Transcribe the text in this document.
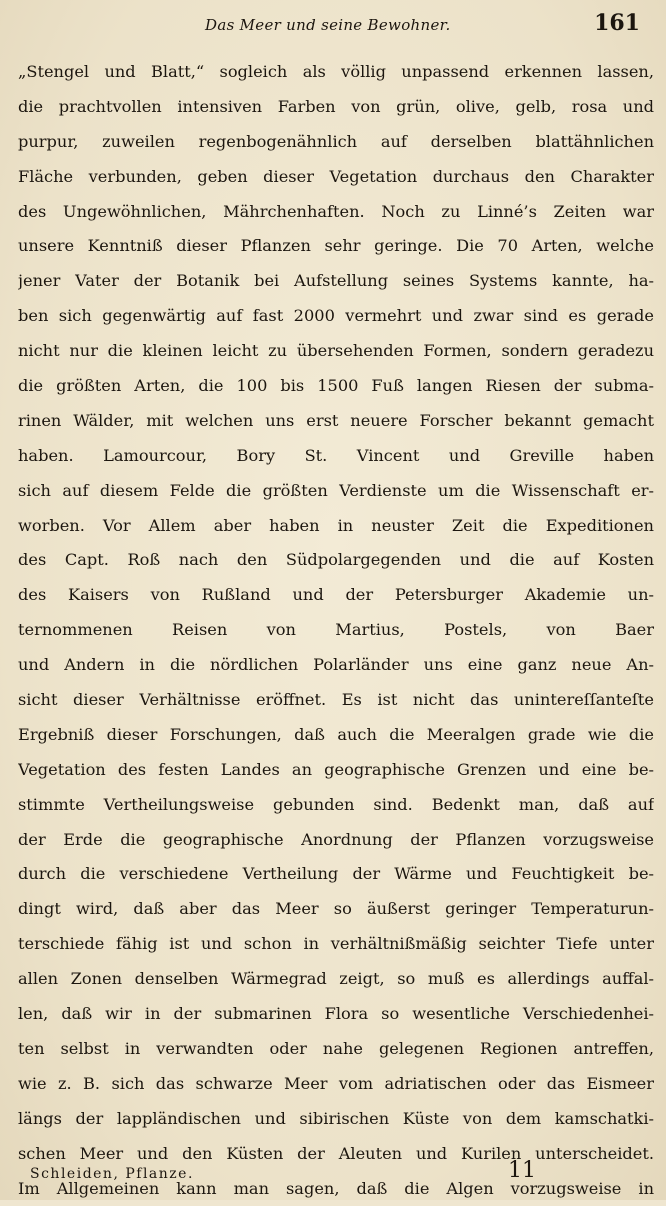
Das Meer und seine Bewohner.	161
„Stengel und Blatt,“ sogleich als völlig unpassend erkennen lassen,
die prachtvollen intensiven Farben von grün, olive, gelb, rosa und
purpur, zuweilen regenbogenähnlich auf derselben blattähnlichen
Fläche verbunden, geben dieser Vegetation durchaus den Charakter
des Ungewöhnlichen, Mährchenhaften. Noch zu Linné’s Zeiten war
unsere Kenntniß dieser Pflanzen sehr geringe. Die 70 Arten, welche
jener Vater der Botanik bei Aufstellung seines Systems kannte, ha-
ben sich gegenwärtig auf fast 2000 vermehrt und zwar sind es gerade
nicht nur die kleinen leicht zu übersehenden Formen, sondern geradezu
die größten Arten, die 100 bis 1500 Fuß langen Riesen der subma-
rinen Wälder, mit welchen uns erst neuere Forscher bekannt gemacht
haben. Lamourcour, Bory St. Vincent und Greville haben
sich auf diesem Felde die größten Verdienste um die Wissenschaft er-
worben. Vor Allem aber haben in neuster Zeit die Expeditionen
des Capt. Roß nach den Südpolargegenden und die auf Kosten
des Kaisers von Rußland und der Petersburger Akademie un-
ternommenen Reisen von Martius, Postels, von Baer
und Andern in die nördlichen Polarländer uns eine ganz neue An-
sicht dieser Verhältnisse eröffnet. Es ist nicht das unintereſſanteſte
Ergebniß dieser Forschungen, daß auch die Meeralgen grade wie die
Vegetation des festen Landes an geographische Grenzen und eine be-
stimmte Vertheilungsweise gebunden sind. Bedenkt man, daß auf
der Erde die geographische Anordnung der Pflanzen vorzugsweise
durch die verschiedene Vertheilung der Wärme und Feuchtigkeit be-
dingt wird, daß aber das Meer so äußerst geringer Temperaturun-
terschiede fähig ist und schon in verhältnißmäßig seichter Tiefe unter
allen Zonen denselben Wärmegrad zeigt, so muß es allerdings auffal-
len, daß wir in der submarinen Flora so wesentliche Verschiedenhei-
ten selbst in verwandten oder nahe gelegenen Regionen antreffen,
wie z. B. sich das schwarze Meer vom adriatischen oder das Eismeer
längs der lappländischen und sibirischen Küste von dem kamschatki-
schen Meer und den Küsten der Aleuten und Kurilen unterscheidet.
Im Allgemeinen kann man sagen, daß die Algen vorzugsweise in
Schleiden, Pflanze.	11
